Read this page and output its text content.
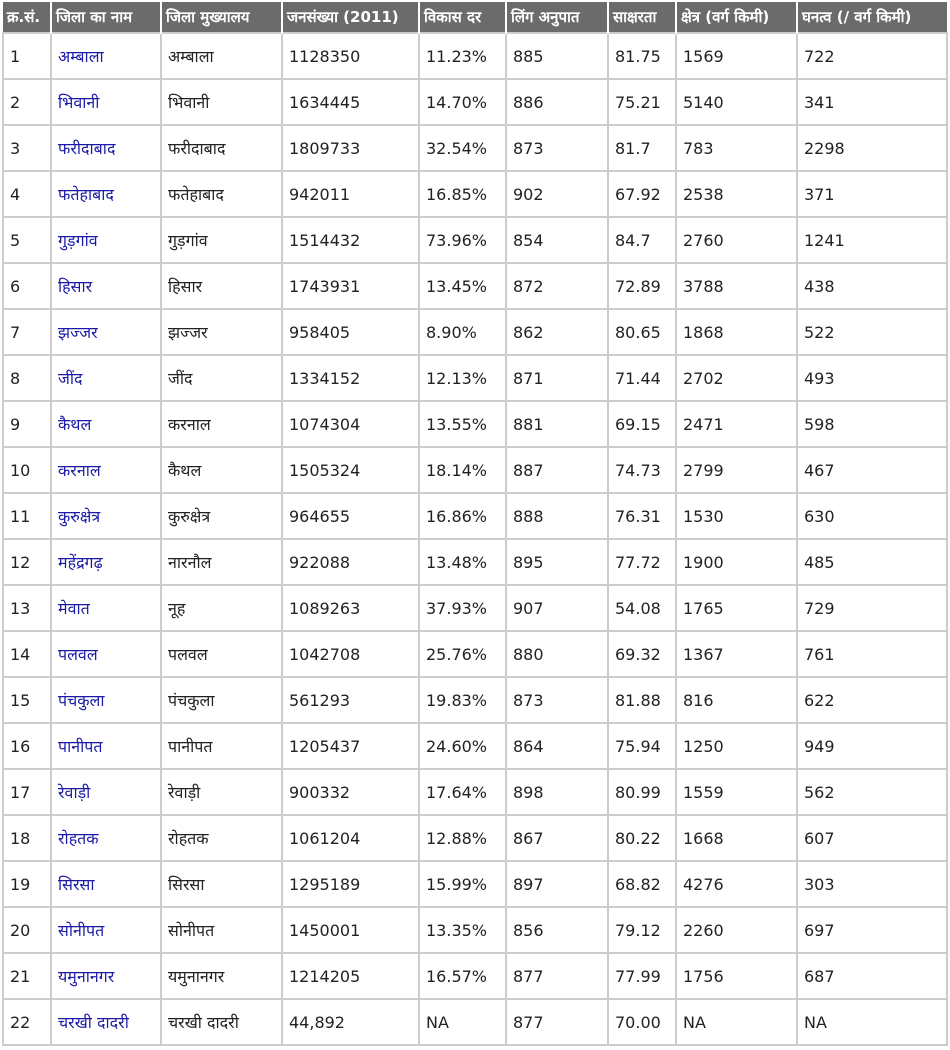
क्र.सं.	जिला का नाम	जिला मुख्यालय	जनसंख्या (2011)	विकास दर	लिंग अनुपात	साक्षरता	क्षेत्र (वर्ग किमी)	घनत्व (/ वर्ग किमी)
1	अम्बाला	अम्बाला	1128350	11.23%	885	81.75	1569	722
2	भिवानी	भिवानी	1634445	14.70%	886	75.21	5140	341
3	फरीदाबाद	फरीदाबाद	1809733	32.54%	873	81.7	783	2298
4	फतेहाबाद	फतेहाबाद	942011	16.85%	902	67.92	2538	371
5	गुड़गांव	गुड़गांव	1514432	73.96%	854	84.7	2760	1241
6	हिसार	हिसार	1743931	13.45%	872	72.89	3788	438
7	झज्जर	झज्जर	958405	8.90%	862	80.65	1868	522
8	जींद	जींद	1334152	12.13%	871	71.44	2702	493
9	कैथल	करनाल	1074304	13.55%	881	69.15	2471	598
10	करनाल	कैथल	1505324	18.14%	887	74.73	2799	467
11	कुरुक्षेत्र	कुरुक्षेत्र	964655	16.86%	888	76.31	1530	630
12	महेंद्रगढ़	नारनौल	922088	13.48%	895	77.72	1900	485
13	मेवात	नूह	1089263	37.93%	907	54.08	1765	729
14	पलवल	पलवल	1042708	25.76%	880	69.32	1367	761
15	पंचकुला	पंचकुला	561293	19.83%	873	81.88	816	622
16	पानीपत	पानीपत	1205437	24.60%	864	75.94	1250	949
17	रेवाड़ी	रेवाड़ी	900332	17.64%	898	80.99	1559	562
18	रोहतक	रोहतक	1061204	12.88%	867	80.22	1668	607
19	सिरसा	सिरसा	1295189	15.99%	897	68.82	4276	303
20	सोनीपत	सोनीपत	1450001	13.35%	856	79.12	2260	697
21	यमुनानगर	यमुनानगर	1214205	16.57%	877	77.99	1756	687
22	चरखी दादरी	चरखी दादरी	44,892	NA	877	70.00	NA	NA
